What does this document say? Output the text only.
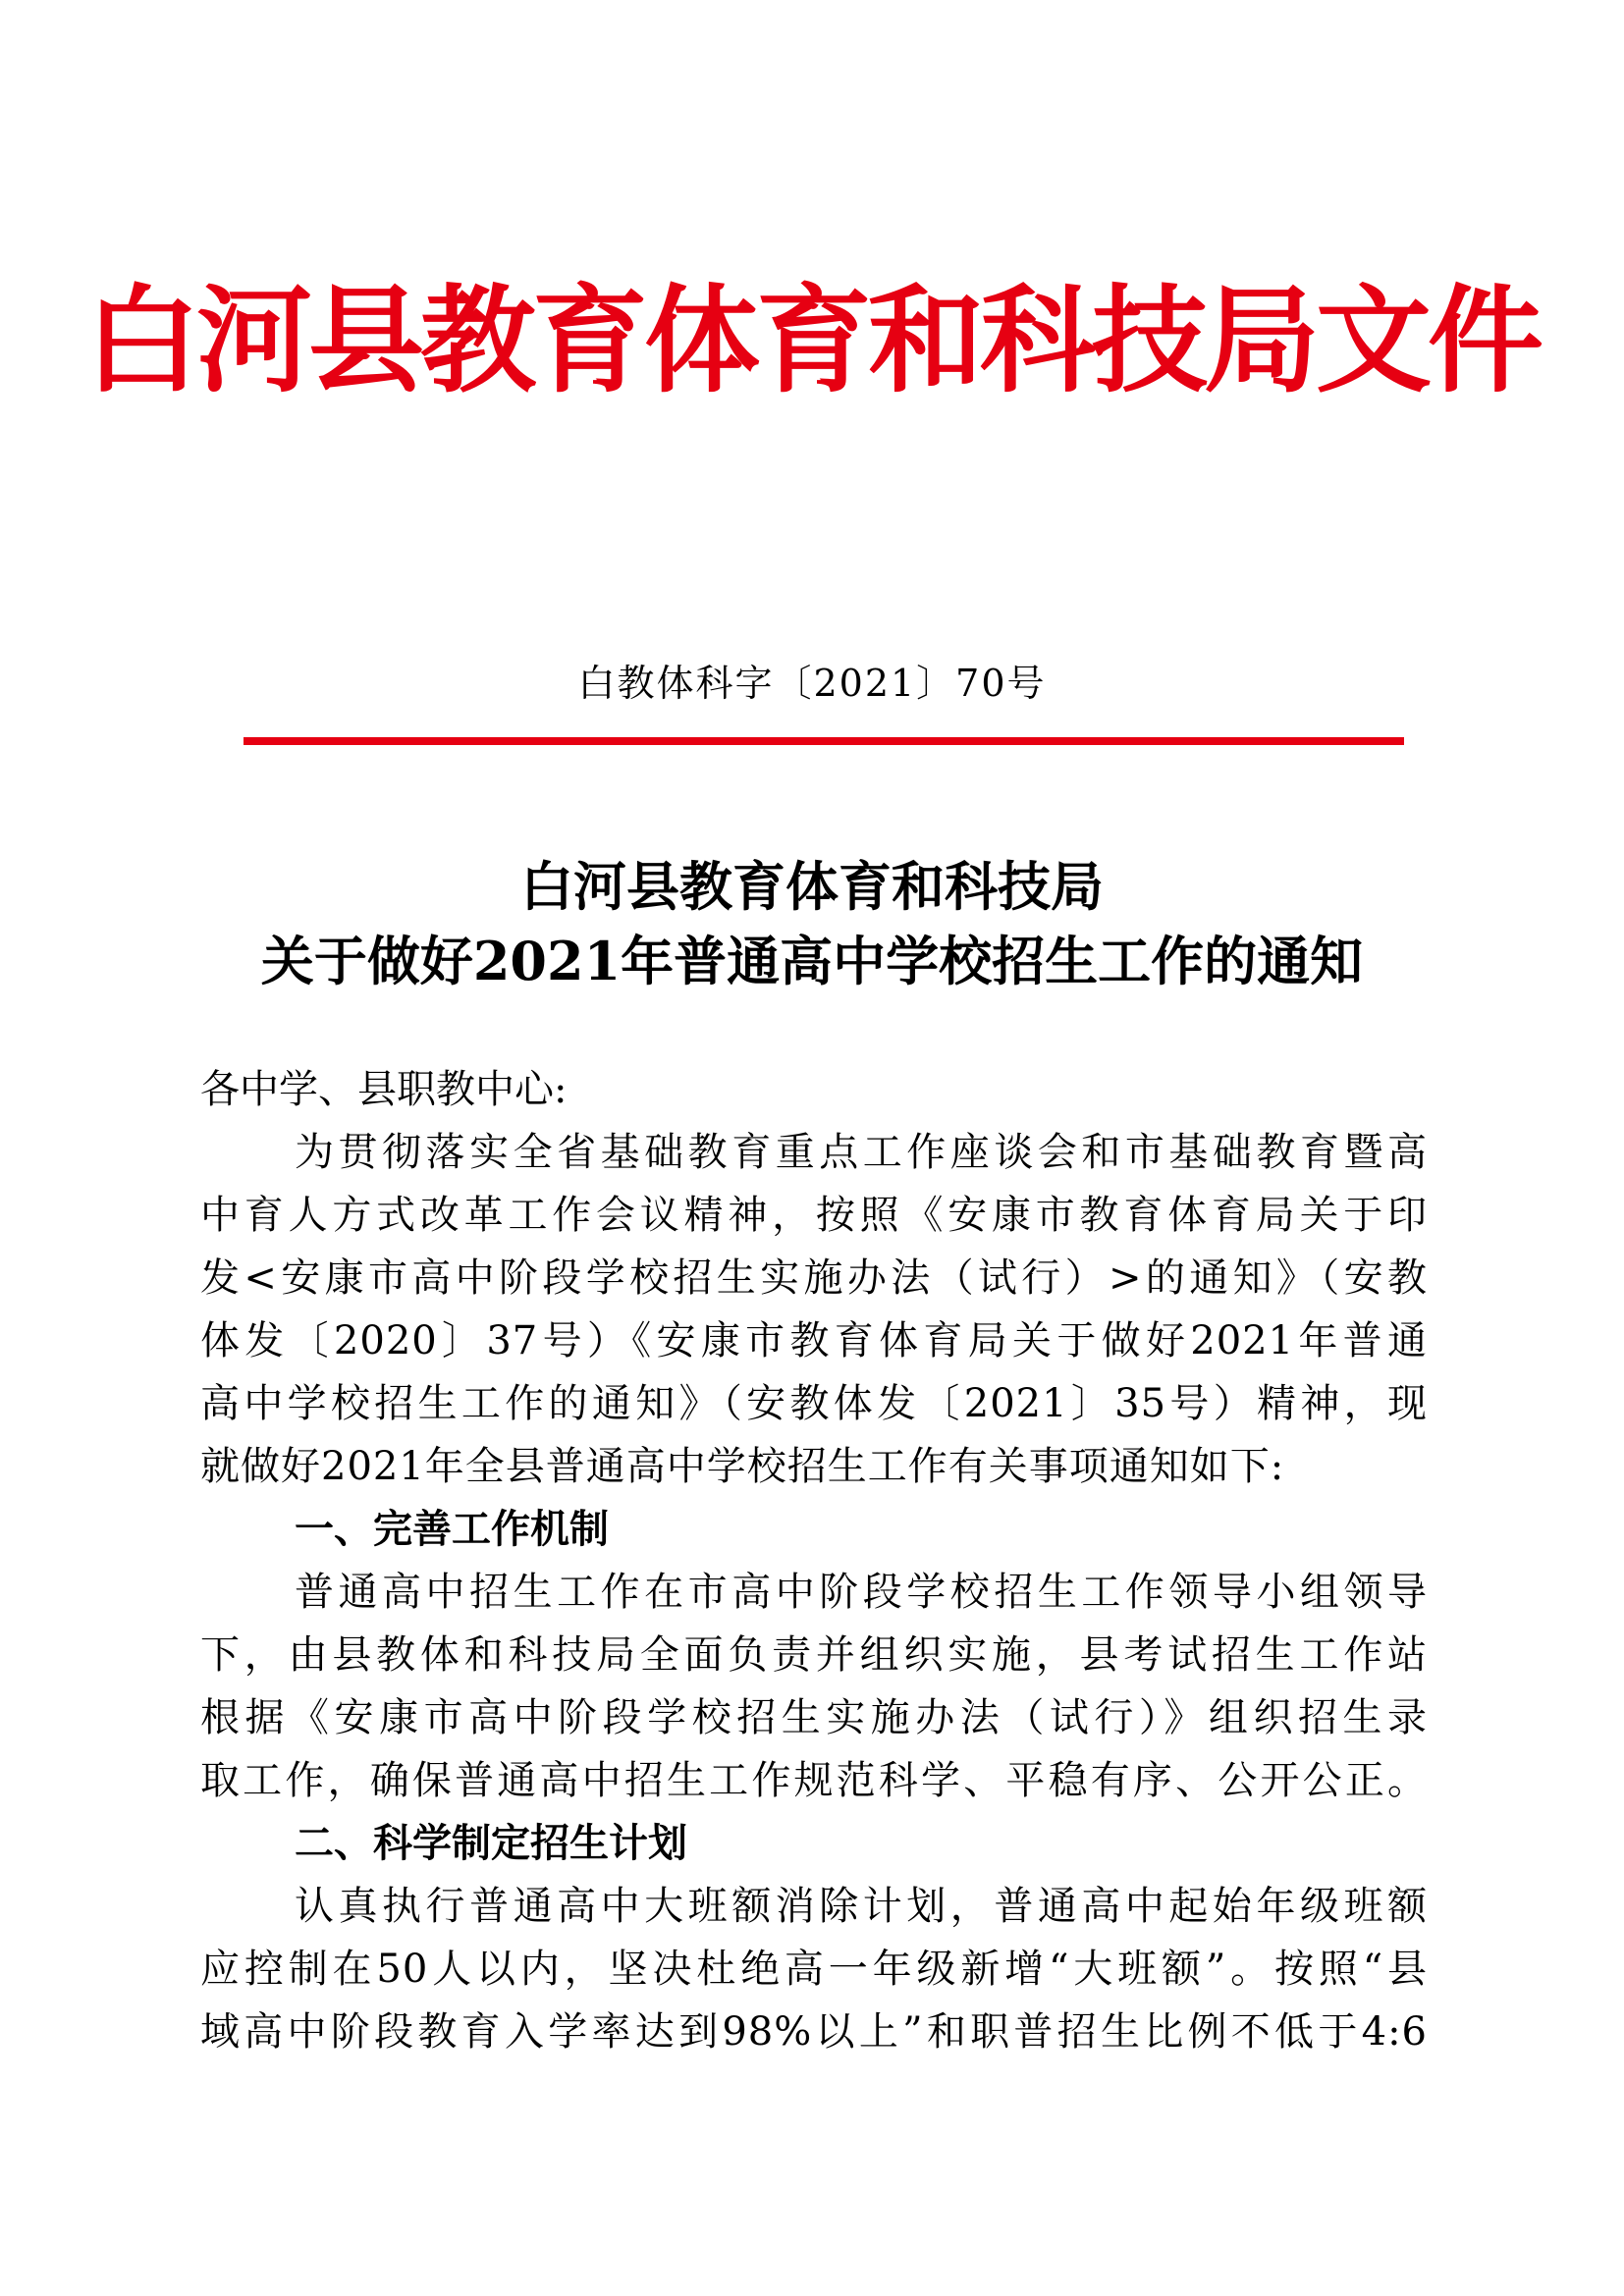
白河县教育体育和科技局文件
白教体科字〔2021〕70号
白河县教育体育和科技局
关于做好2021年普通高中学校招生工作的通知
各中学、县职教中心:
为贯彻落实全省基础教育重点工作座谈会和市基础教育暨高
中育人方式改革工作会议精神，按照《安康市教育体育局关于印
发<安康市高中阶段学校招生实施办法（试行）>的通知》（安教
体发〔2020〕37号）《安康市教育体育局关于做好2021年普通
高中学校招生工作的通知》（安教体发〔2021〕35号）精神，现
就做好2021年全县普通高中学校招生工作有关事项通知如下:
一、完善工作机制
普通高中招生工作在市高中阶段学校招生工作领导小组领导
下，由县教体和科技局全面负责并组织实施，县考试招生工作站
根据《安康市高中阶段学校招生实施办法（试行）》组织招生录
取工作，确保普通高中招生工作规范科学、平稳有序、公开公正。
二、科学制定招生计划
认真执行普通高中大班额消除计划，普通高中起始年级班额
应控制在50人以内，坚决杜绝高一年级新增“大班额”。按照“县
域高中阶段教育入学率达到98%以上”和职普招生比例不低于4:6
